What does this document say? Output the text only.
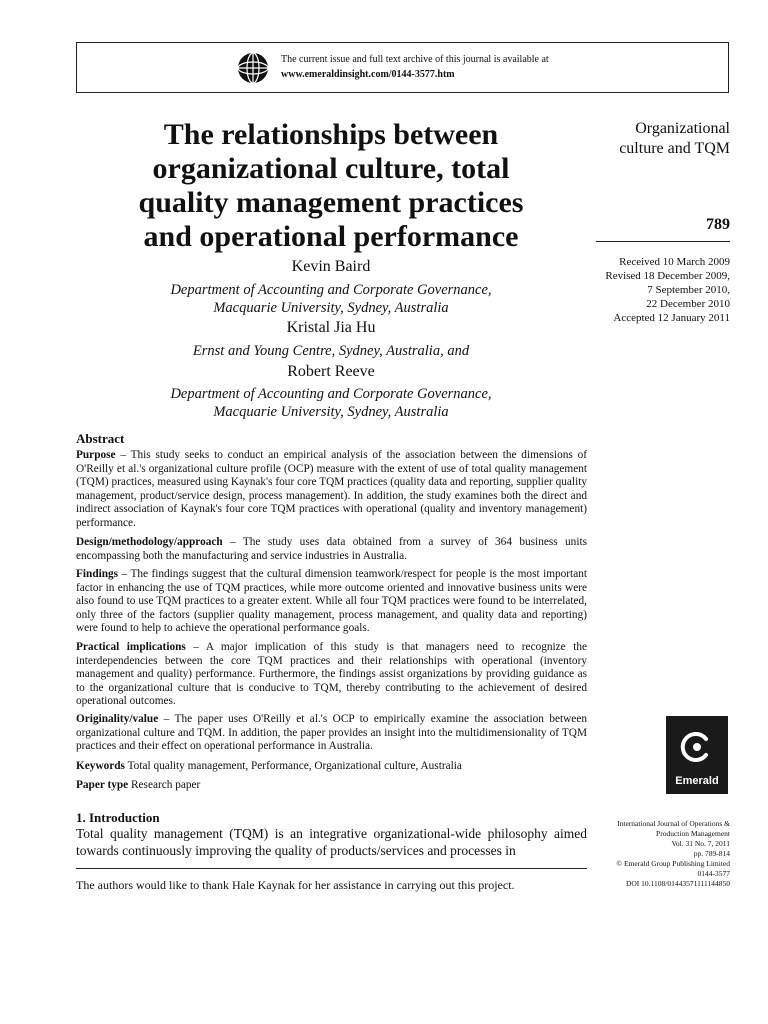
The current issue and full text archive of this journal is available at
www.emeraldinsight.com/0144-3577.htm
The relationships between
organizational culture, total
quality management practices
and operational performance
Kevin Baird
Department of Accounting and Corporate Governance,
Macquarie University, Sydney, Australia
Kristal Jia Hu
Ernst and Young Centre, Sydney, Australia, and
Robert Reeve
Department of Accounting and Corporate Governance,
Macquarie University, Sydney, Australia
Organizational
culture and TQM
789
Received 10 March 2009
Revised 18 December 2009,
7 September 2010,
22 December 2010
Accepted 12 January 2011
Abstract
Purpose – This study seeks to conduct an empirical analysis of the association between the dimensions of O'Reilly et al.'s organizational culture profile (OCP) measure with the extent of use of total quality management (TQM) practices, measured using Kaynak's four core TQM practices (quality data and reporting, supplier quality management, product/service design, process management). In addition, the study examines both the direct and indirect association of Kaynak's four core TQM practices with operational (quality and inventory management) performance.
Design/methodology/approach – The study uses data obtained from a survey of 364 business units encompassing both the manufacturing and service industries in Australia.
Findings – The findings suggest that the cultural dimension teamwork/respect for people is the most important factor in enhancing the use of TQM practices, while more outcome oriented and innovative business units were also found to use TQM practices to a greater extent. While all four TQM practices were found to be interrelated, only three of the factors (supplier quality management, process management, and quality data and reporting) were found to help to achieve the operational performance goals.
Practical implications – A major implication of this study is that managers need to recognize the interdependencies between the core TQM practices and their relationships with operational (inventory management and quality) performance. Furthermore, the findings assist organizations by providing guidance as to the organizational culture that is conducive to TQM, thereby contributing to the achievement of desired operational outcomes.
Originality/value – The paper uses O'Reilly et al.'s OCP to empirically examine the association between organizational culture and TQM. In addition, the paper provides an insight into the multidimensionality of TQM practices and their effect on operational performance in Australia.
Keywords Total quality management, Performance, Organizational culture, Australia
Paper type Research paper	Emerald
1. Introduction
Total quality management (TQM) is an integrative organizational-wide philosophy aimed towards continuously improving the quality of products/services and processes in
The authors would like to thank Hale Kaynak for her assistance in carrying out this project.
International Journal of Operations &
Production Management
Vol. 31 No. 7, 2011
pp. 789-814
© Emerald Group Publishing Limited
0144-3577
DOI 10.1108/01443571111144850
